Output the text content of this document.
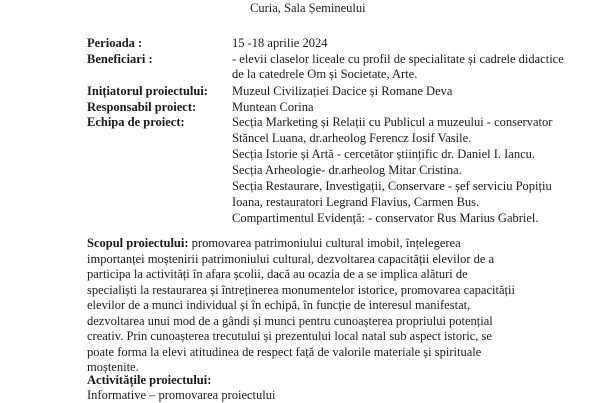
Curia, Sala Șemineului
Perioada :	15 -18 aprilie 2024
Beneficiari :	- elevii claselor liceale cu profil de specialitate și cadrele didactice
de la catedrele Om și Societate, Arte.
Inițiatorul proiectului: Muzeul Civilizației Dacice și Romane Deva
Responsabil proiect:	Muntean Corina
Echipa de proiect:	Secția Marketing și Relații cu Publicul a muzeului - conservator
Stăncel Luana, dr.arheolog Ferencz Iosif Vasile.
Secția Istorie și Artă - cercetător științific dr. Daniel I. Iancu.
Secția Arheologie- dr.arheolog Mitar Cristina.
Secția Restaurare, Investigații, Conservare - șef serviciu Popițiu
Ioana, restauratori Legrand Flavius, Carmen Bus.
Compartimentul Evidență: - conservator Rus Marius Gabriel.
Scopul proiectului: promovarea patrimoniului cultural imobil, înțelegerea importanței moștenirii patrimoniului cultural, dezvoltarea capacității elevilor de a participa la activități în afara școlii, dacă au ocazia de a se implica alături de specialiști la restaurarea și întreținerea monumentelor istorice, promovarea capacității elevilor de a munci individual și în echipă, în funcție de interesul manifestat, dezvoltarea unui mod de a gândi și munci pentru cunoașterea propriului potențial creativ. Prin cunoașterea trecutului și prezentului local natal sub aspect istoric, se poate forma la elevi atitudinea de respect față de valorile materiale și spirituale moștenite.
Activitățile proiectului:
Informative – promovarea proiectului
